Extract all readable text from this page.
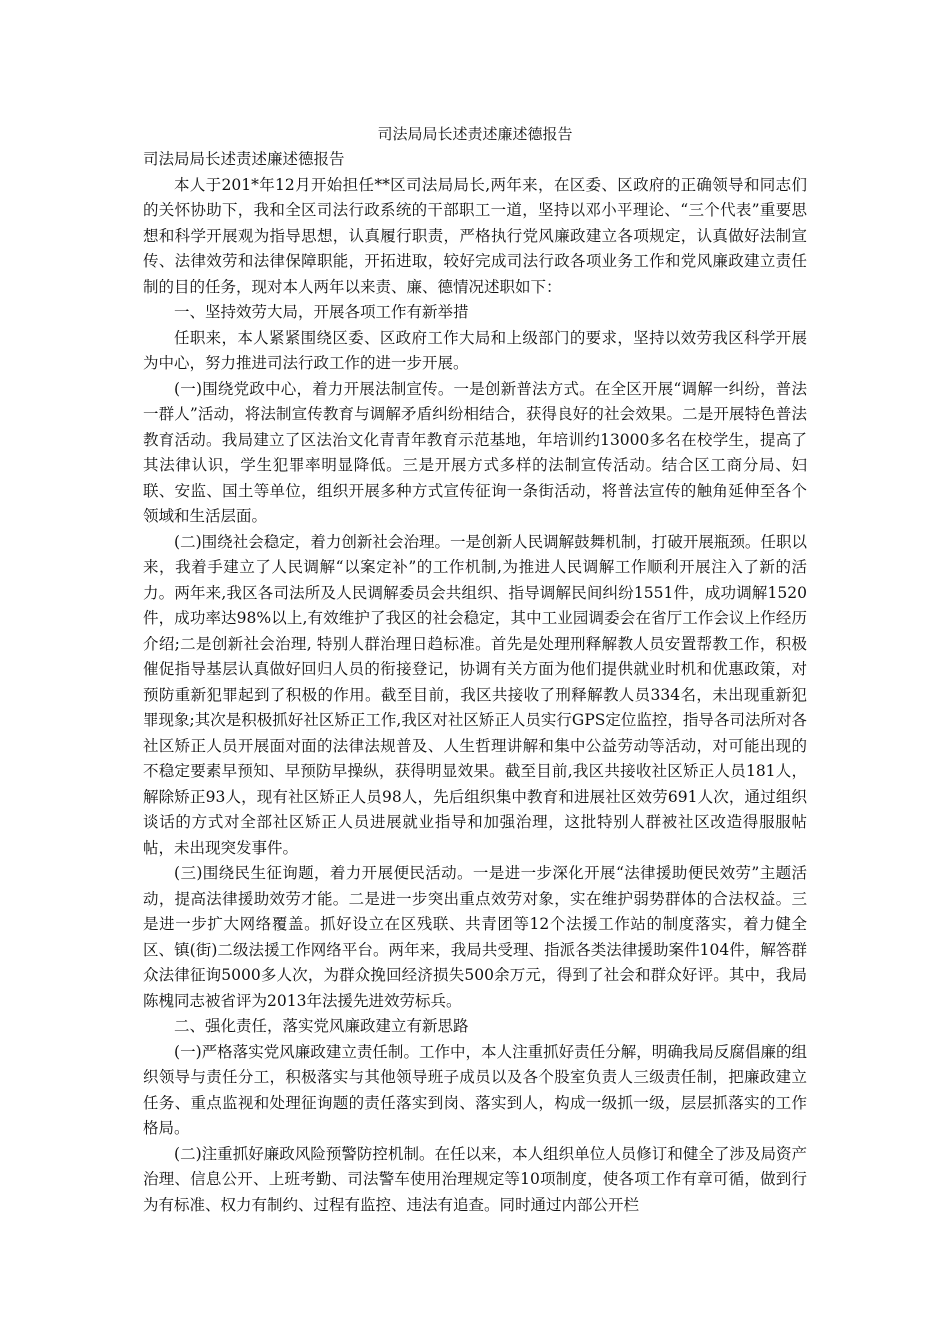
司法局局长述责述廉述德报告

司法局局长述责述廉述德报告

本人于201*年12月开始担任**区司法局局长,两年来，在区委、区政府的正确领导和同志们的关怀协助下，我和全区司法行政系统的干部职工一道，坚持以邓小平理论、“三个代表”重要思想和科学开展观为指导思想，认真履行职责，严格执行党风廉政建立各项规定，认真做好法制宣传、法律效劳和法律保障职能，开拓进取，较好完成司法行政各项业务工作和党风廉政建立责任制的目的任务，现对本人两年以来责、廉、德情况述职如下：

一、坚持效劳大局，开展各项工作有新举措

任职来，本人紧紧围绕区委、区政府工作大局和上级部门的要求，坚持以效劳我区科学开展为中心，努力推进司法行政工作的进一步开展。

(一)围绕党政中心，着力开展法制宣传。一是创新普法方式。在全区开展“调解一纠纷，普法一群人”活动，将法制宣传教育与调解矛盾纠纷相结合，获得良好的社会效果。二是开展特色普法教育活动。我局建立了区法治文化青青年教育示范基地，年培训约13000多名在校学生，提高了其法律认识，学生犯罪率明显降低。三是开展方式多样的法制宣传活动。结合区工商分局、妇联、安监、国土等单位，组织开展多种方式宣传征询一条街活动，将普法宣传的触角延伸至各个领域和生活层面。

(二)围绕社会稳定，着力创新社会治理。一是创新人民调解鼓舞机制，打破开展瓶颈。任职以来，我着手建立了人民调解“以案定补”的工作机制,为推进人民调解工作顺利开展注入了新的活力。两年来,我区各司法所及人民调解委员会共组织、指导调解民间纠纷1551件，成功调解1520件，成功率达98%以上,有效维护了我区的社会稳定，其中工业园调委会在省厅工作会议上作经历介绍;二是创新社会治理, 特别人群治理日趋标准。首先是处理刑释解教人员安置帮教工作，积极催促指导基层认真做好回归人员的衔接登记，协调有关方面为他们提供就业时机和优惠政策，对预防重新犯罪起到了积极的作用。截至目前，我区共接收了刑释解教人员334名，未出现重新犯罪现象;其次是积极抓好社区矫正工作,我区对社区矫正人员实行GPS定位监控，指导各司法所对各社区矫正人员开展面对面的法律法规普及、人生哲理讲解和集中公益劳动等活动，对可能出现的不稳定要素早预知、早预防早操纵，获得明显效果。截至目前,我区共接收社区矫正人员181人，解除矫正93人，现有社区矫正人员98人，先后组织集中教育和进展社区效劳691人次，通过组织谈话的方式对全部社区矫正人员进展就业指导和加强治理，这批特别人群被社区改造得服服帖帖，未出现突发事件。

(三)围绕民生征询题，着力开展便民活动。一是进一步深化开展“法律援助便民效劳”主题活动，提高法律援助效劳才能。二是进一步突出重点效劳对象，实在维护弱势群体的合法权益。三是进一步扩大网络覆盖。抓好设立在区残联、共青团等12个法援工作站的制度落实，着力健全区、镇(街)二级法援工作网络平台。两年来，我局共受理、指派各类法律援助案件104件，解答群众法律征询5000多人次，为群众挽回经济损失500余万元，得到了社会和群众好评。其中，我局陈槐同志被省评为2013年法援先进效劳标兵。

二、强化责任，落实党风廉政建立有新思路

(一)严格落实党风廉政建立责任制。工作中，本人注重抓好责任分解，明确我局反腐倡廉的组织领导与责任分工，积极落实与其他领导班子成员以及各个股室负责人三级责任制，把廉政建立任务、重点监视和处理征询题的责任落实到岗、落实到人，构成一级抓一级，层层抓落实的工作格局。

(二)注重抓好廉政风险预警防控机制。在任以来，本人组织单位人员修订和健全了涉及局资产治理、信息公开、上班考勤、司法警车使用治理规定等10项制度，使各项工作有章可循，做到行为有标准、权力有制约、过程有监控、违法有追查。同时通过内部公开栏
